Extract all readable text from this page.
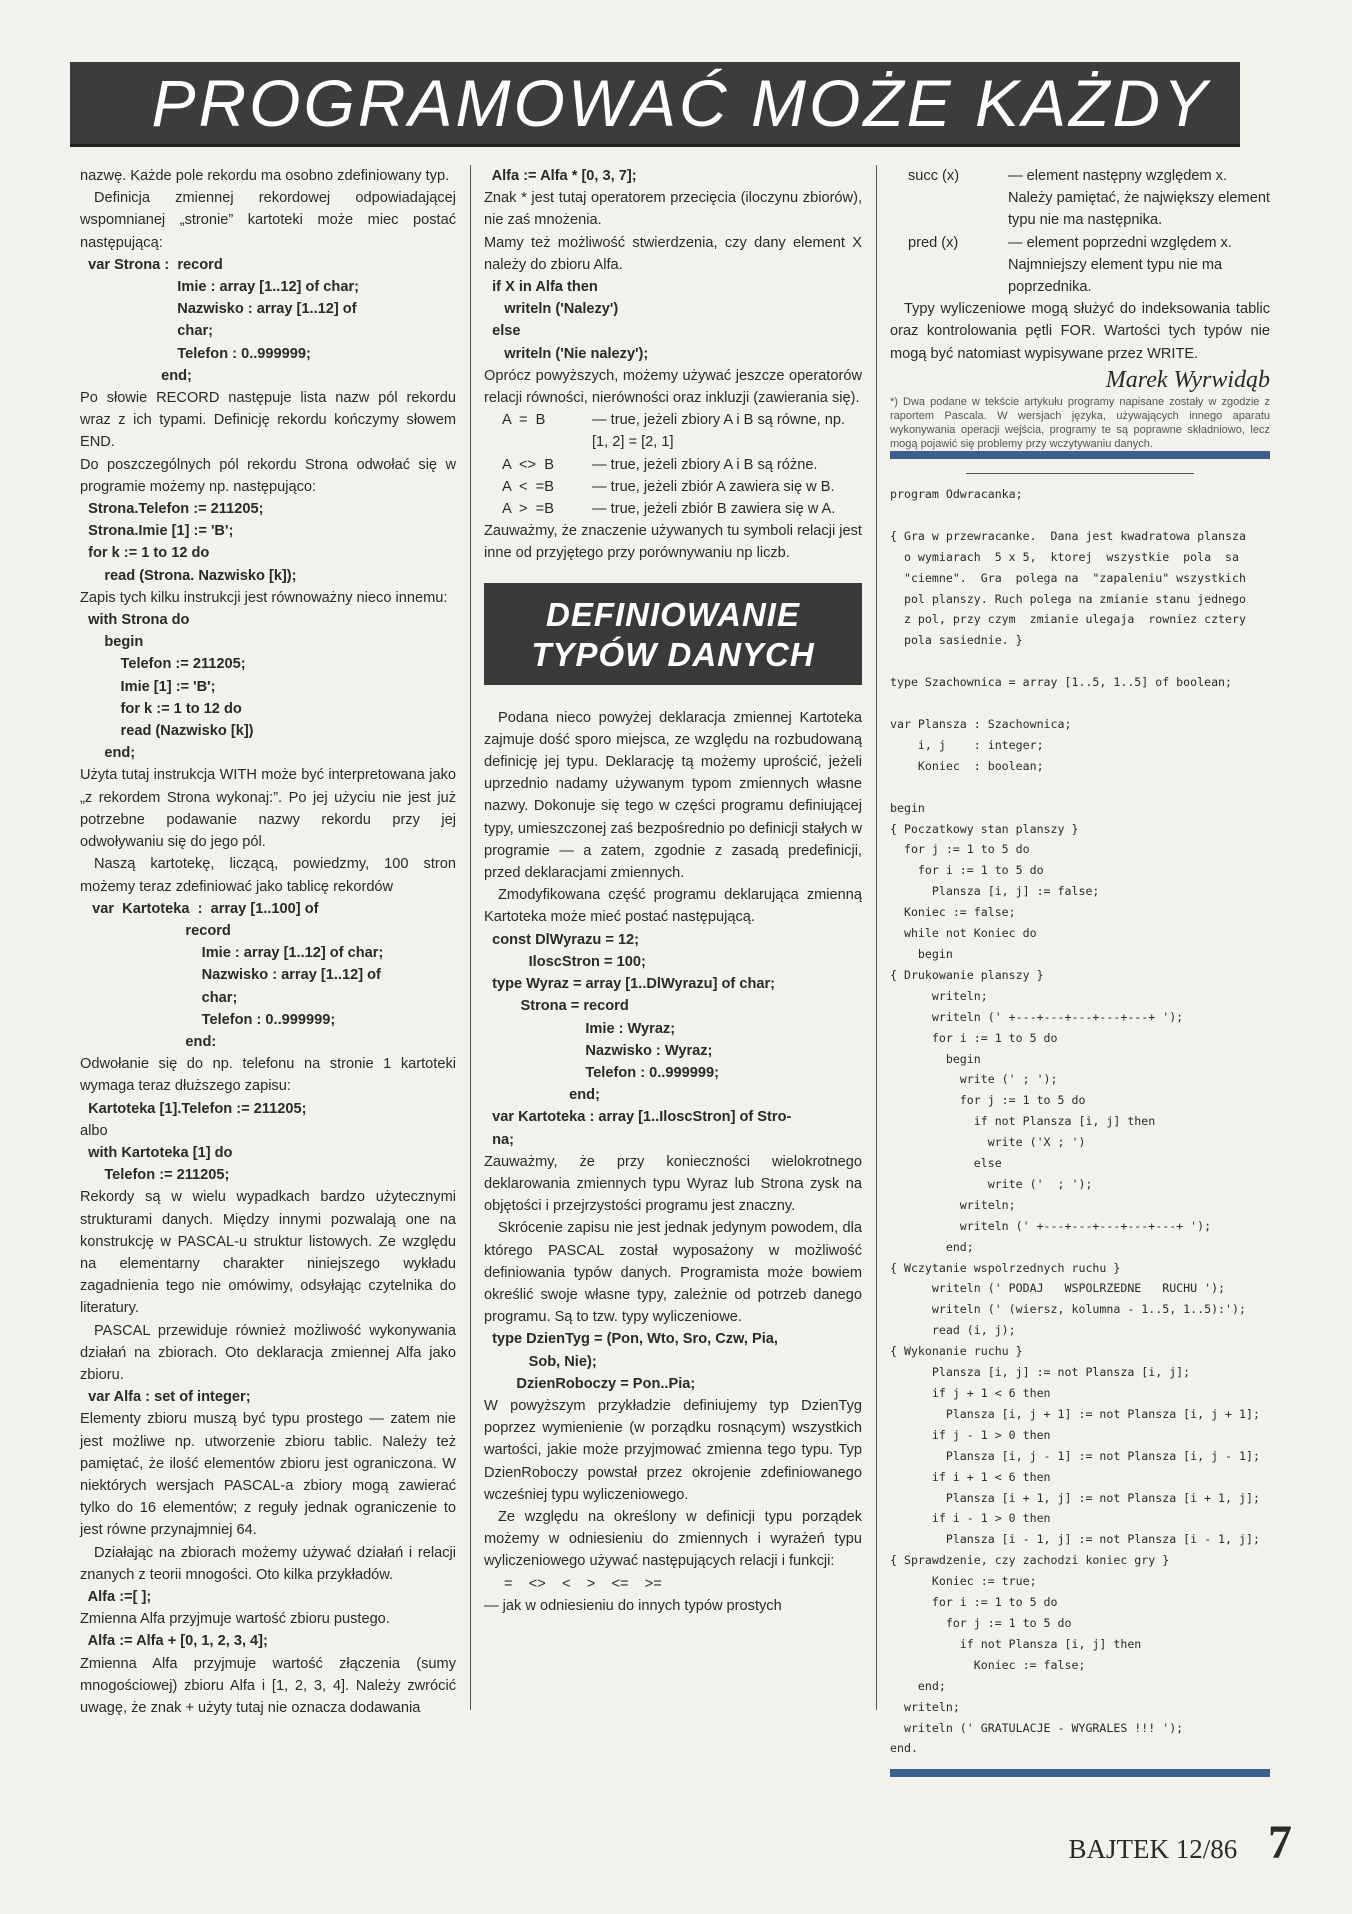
PROGRAMOWAĆ MOŻE KAŻDY

nazwę. Każde pole rekordu ma osobno zdefiniowany typ.

Definicja zmiennej rekordowej odpowiadającej wspomnianej „stronie” kartoteki może miec postać następującą:

var Strona :  record
Imie : array [1..12] of char;
Nazwisko : array [1..12] of
char;
Telefon : 0..999999;
end;

Po słowie RECORD następuje lista nazw pól rekordu wraz z ich typami. Definicję rekordu kończymy słowem END.

Do poszczególnych pól rekordu Strona odwołać się w programie możemy np. następująco:

Strona.Telefon := 211205;
Strona.Imie [1] := 'B';
for k := 1 to 12 do
read (Strona. Nazwisko [k]);

Zapis tych kilku instrukcji jest równoważny nieco innemu:

with Strona do
begin
Telefon := 211205;
Imie [1] := 'B';
for k := 1 to 12 do
read (Nazwisko [k])
end;

Użyta tutaj instrukcja WITH może być interpretowana jako „z rekordem Strona wykonaj:”. Po jej użyciu nie jest już potrzebne podawanie nazwy rekordu przy jej odwoływaniu się do jego pól.

Naszą kartotekę, liczącą, powiedzmy, 100 stron możemy teraz zdefiniować jako tablicę rekordów

var  Kartoteka  :  array [1..100] of
record
Imie : array [1..12] of char;
Nazwisko : array [1..12] of
char;
Telefon : 0..999999;
end:

Odwołanie się do np. telefonu na stronie 1 kartoteki wymaga teraz dłuższego zapisu:

Kartoteka [1].Telefon := 211205;

albo

with Kartoteka [1] do
Telefon := 211205;

Rekordy są w wielu wypadkach bardzo użytecznymi strukturami danych. Między innymi pozwalają one na konstrukcję w PASCAL-u struktur listowych. Ze względu na elementarny charakter niniejszego wykładu zagadnienia tego nie omówimy, odsyłając czytelnika do literatury.

PASCAL przewiduje również możliwość wykonywania działań na zbiorach. Oto deklaracja zmiennej Alfa jako zbioru.

var Alfa : set of integer;

Elementy zbioru muszą być typu prostego — zatem nie jest możliwe np. utworzenie zbioru tablic. Należy też pamiętać, że ilość elementów zbioru jest ograniczona. W niektórych wersjach PASCAL-a zbiory mogą zawierać tylko do 16 elementów; z reguły jednak ograniczenie to jest równe przynajmniej 64.

Działając na zbiorach możemy używać działań i relacji znanych z teorii mnogości. Oto kilka przykładów.

Alfa :=[ ];

Zmienna Alfa przyjmuje wartość zbioru pustego.

Alfa := Alfa + [0, 1, 2, 3, 4];

Zmienna Alfa przyjmuje wartość złączenia (sumy mnogościowej) zbioru Alfa i [1, 2, 3, 4]. Należy zwrócić uwagę, że znak + użyty tutaj nie oznacza dodawania

Alfa := Alfa * [0, 3, 7];

Znak * jest tutaj operatorem przecięcia (iloczynu zbiorów), nie zaś mnożenia.

Mamy też możliwość stwierdzenia, czy dany element X należy do zbioru Alfa.

if X in Alfa then
writeln ('Nalezy')
else
writeln ('Nie nalezy');

Oprócz powyższych, możemy używać jeszcze operatorów relacji równości, nierówności oraz inkluzji (zawierania się).

A  =  B	— true, jeżeli zbiory A i B są równe, np. [1, 2] = [2, 1]
A  <>  B	— true, jeżeli zbiory A i B są różne.
A  <  =B	— true, jeżeli zbiór A zawiera się w B.
A  >  =B	— true, jeżeli zbiór B zawiera się w A.

Zauważmy, że znaczenie używanych tu symboli relacji jest inne od przyjętego przy porównywaniu np liczb.

DEFINIOWANIE
TYPÓW DANYCH

Podana nieco powyżej deklaracja zmiennej Kartoteka zajmuje dość sporo miejsca, ze względu na rozbudowaną definicję jej typu. Deklarację tą możemy uprościć, jeżeli uprzednio nadamy używanym typom zmiennych własne nazwy. Dokonuje się tego w części programu definiującej typy, umieszczonej zaś bezpośrednio po definicji stałych w programie — a zatem, zgodnie z zasadą predefinicji, przed deklaracjami zmiennych.

Zmodyfikowana część programu deklarująca zmienną Kartoteka może mieć postać następującą.

const DlWyrazu = 12;
IloscStron = 100;
type Wyraz = array [1..DlWyrazu] of char;
Strona = record
Imie : Wyraz;
Nazwisko : Wyraz;
Telefon : 0..999999;
end;
var Kartoteka : array [1..IloscStron] of Stro-
na;

Zauważmy, że przy konieczności wielokrotnego deklarowania zmiennych typu Wyraz lub Strona zysk na objętości i przejrzystości programu jest znaczny.

Skrócenie zapisu nie jest jednak jedynym powodem, dla którego PASCAL został wyposażony w możliwość definiowania typów danych. Programista może bowiem określić swoje własne typy, zależnie od potrzeb danego programu. Są to tzw. typy wyliczeniowe.

type DzienTyg = (Pon, Wto, Sro, Czw, Pia,
Sob, Nie);
DzienRoboczy = Pon..Pia;

W powyższym przykładzie definiujemy typ DzienTyg poprzez wymienienie (w porządku rosnącym) wszystkich wartości, jakie może przyjmować zmienna tego typu. Typ DzienRoboczy powstał przez okrojenie zdefiniowanego wcześniej typu wyliczeniowego.

Ze względu na określony w definicji typu porządek możemy w odniesieniu do zmiennych i wyrażeń typu wyliczeniowego używać następujących relacji i funkcji:

=    <>    <    >    <=    >=

— jak w odniesieniu do innych typów prostych

succ (x)	— element następny względem x. Należy pamiętać, że największy element typu nie ma następnika.
pred (x)	— element poprzedni względem x. Najmniejszy element typu nie ma poprzednika.

Typy wyliczeniowe mogą służyć do indeksowania tablic oraz kontrolowania pętli FOR. Wartości tych typów nie mogą być natomiast wypisywane przez WRITE.

Marek Wyrwidąb

*) Dwa podane w tekście artykułu programy napisane zostały w zgodzie z raportem Pascala. W wersjach języka, używających innego aparatu wykonywania operacji wejścia, programy te są poprawne składniowo, lecz mogą pojawić się problemy przy wczytywaniu danych.

program Odwracanka;

{ Gra w przewracanke.  Dana jest kwadratowa plansza
o wymiarach  5 x 5,  ktorej  wszystkie  pola  sa
"ciemne".  Gra  polega na  "zapaleniu" wszystkich
pol planszy. Ruch polega na zmianie stanu jednego
z pol, przy czym  zmianie ulegaja  rowniez cztery
pola sasiednie. }

type Szachownica = array [1..5, 1..5] of boolean;

var Plansza : Szachownica;
i, j    : integer;
Koniec  : boolean;

begin
{ Poczatkowy stan planszy }
for j := 1 to 5 do
for i := 1 to 5 do
Plansza [i, j] := false;
Koniec := false;
while not Koniec do
begin
{ Drukowanie planszy }
writeln;
writeln (' +---+---+---+---+---+ ');
for i := 1 to 5 do
begin
write (' ; ');
for j := 1 to 5 do
if not Plansza [i, j] then
write ('X ; ')
else
write ('  ; ');
writeln;
writeln (' +---+---+---+---+---+ ');
end;
{ Wczytanie wspolrzednych ruchu }
writeln (' PODAJ   WSPOLRZEDNE   RUCHU ');
writeln (' (wiersz, kolumna - 1..5, 1..5):');
read (i, j);
{ Wykonanie ruchu }
Plansza [i, j] := not Plansza [i, j];
if j + 1 < 6 then
Plansza [i, j + 1] := not Plansza [i, j + 1];
if j - 1 > 0 then
Plansza [i, j - 1] := not Plansza [i, j - 1];
if i + 1 < 6 then
Plansza [i + 1, j] := not Plansza [i + 1, j];
if i - 1 > 0 then
Plansza [i - 1, j] := not Plansza [i - 1, j];
{ Sprawdzenie, czy zachodzi koniec gry }
Koniec := true;
for i := 1 to 5 do
for j := 1 to 5 do
if not Plansza [i, j] then
Koniec := false;
end;
writeln;
writeln (' GRATULACJE - WYGRALES !!! ');
end.
BAJTEK 12/86 7
